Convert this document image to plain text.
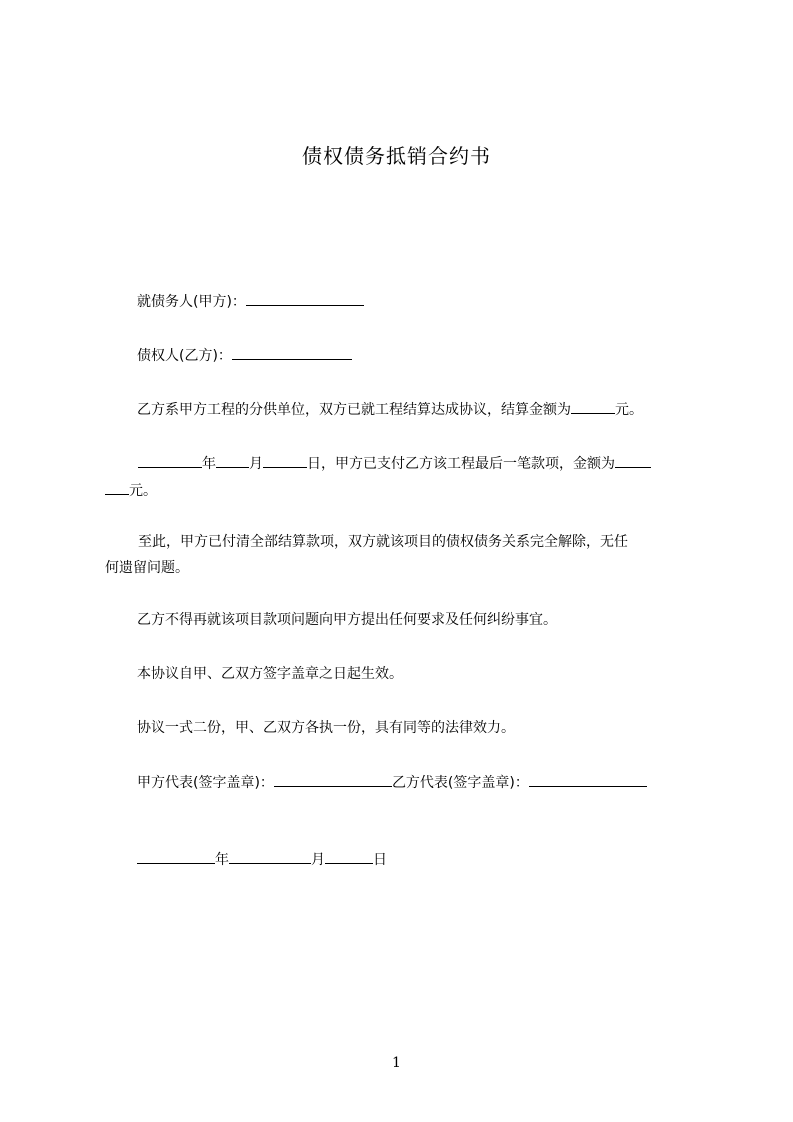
债权债务抵销合约书
就债务人(甲方)：
债权人(乙方)：
乙方系甲方工程的分供单位，双方已就工程结算达成协议，结算金额为	元。
年 月	日，甲方已支付乙方该工程最后一笔款项，金额为
元。
至此，甲方已付清全部结算款项，双方就该项目的债权债务关系完全解除，无任
何遗留问题。
乙方不得再就该项目款项问题向甲方提出任何要求及任何纠纷事宜。
本协议自甲、乙双方签字盖章之日起生效。
协议一式二份，甲、乙双方各执一份，具有同等的法律效力。
甲方代表(签字盖章)：	乙方代表(签字盖章)：
年	月	日
1
